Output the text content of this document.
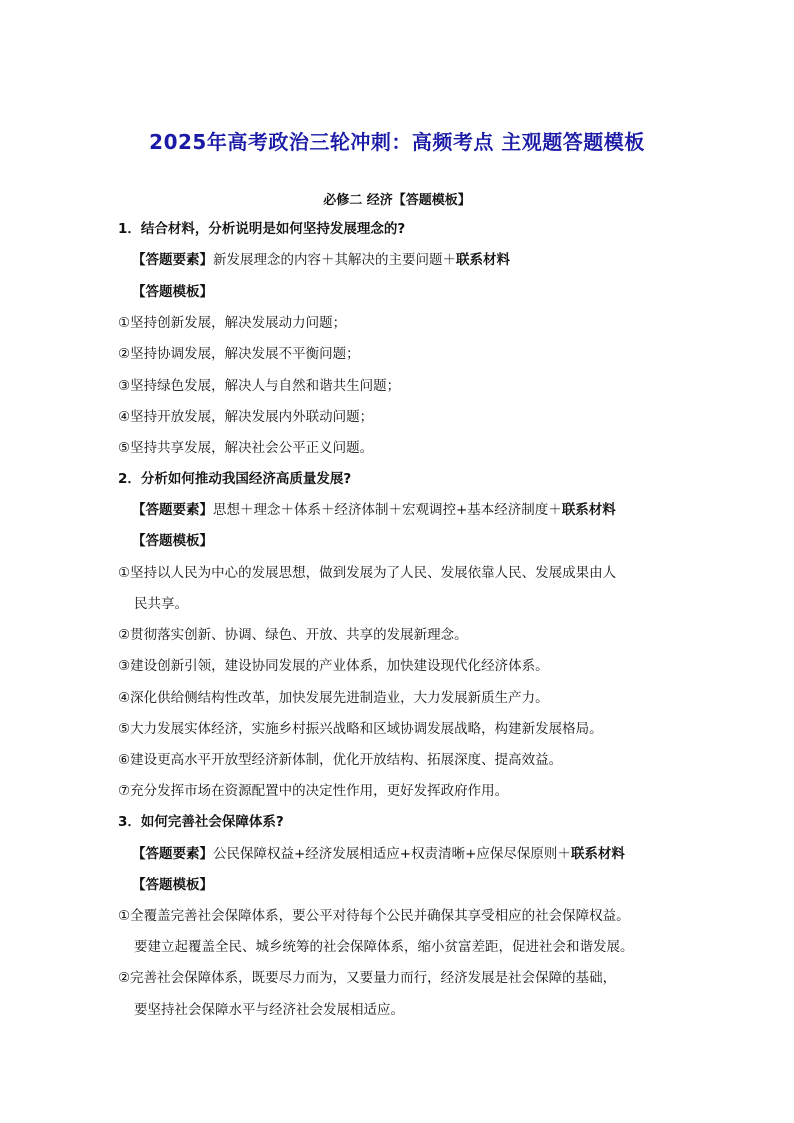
2025年高考政治三轮冲刺：高频考点 主观题答题模板
必修二 经济【答题模板】
1．结合材料，分析说明是如何坚持发展理念的?
【答题要素】新发展理念的内容＋其解决的主要问题＋联系材料
【答题模板】
①坚持创新发展，解决发展动力问题；
②坚持协调发展，解决发展不平衡问题；
③坚持绿色发展，解决人与自然和谐共生问题；
④坚持开放发展，解决发展内外联动问题；
⑤坚持共享发展，解决社会公平正义问题。
2．分析如何推动我国经济高质量发展?
【答题要素】思想＋理念＋体系＋经济体制＋宏观调控+基本经济制度＋联系材料
【答题模板】
①坚持以人民为中心的发展思想，做到发展为了人民、发展依靠人民、发展成果由人
民共享。
②贯彻落实创新、协调、绿色、开放、共享的发展新理念。
③建设创新引领，建设协同发展的产业体系，加快建设现代化经济体系。
④深化供给侧结构性改革，加快发展先进制造业，大力发展新质生产力。
⑤大力发展实体经济，实施乡村振兴战略和区域协调发展战略，构建新发展格局。
⑥建设更高水平开放型经济新体制，优化开放结构、拓展深度、提高效益。
⑦充分发挥市场在资源配置中的决定性作用，更好发挥政府作用。
3．如何完善社会保障体系?
【答题要素】公民保障权益+经济发展相适应+权责清晰+应保尽保原则＋联系材料
【答题模板】
①全覆盖完善社会保障体系，要公平对待每个公民并确保其享受相应的社会保障权益。
要建立起覆盖全民、城乡统筹的社会保障体系，缩小贫富差距，促进社会和谐发展。
②完善社会保障体系，既要尽力而为，又要量力而行，经济发展是社会保障的基础，
要坚持社会保障水平与经济社会发展相适应。
